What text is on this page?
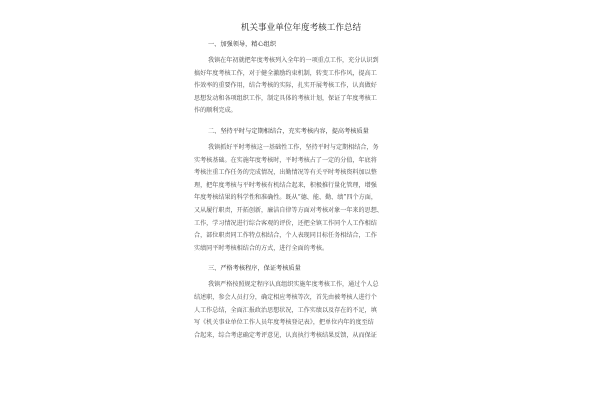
机关事业单位年度考核工作总结
一、加强领导，精心组织
我镇在年初就把年度考核列入全年的一项重点工作，充分认识到
搞好年度考核工作，对于健全激励约束机制，转变工作作风，提高工
作效率的重要作用，结合考核的实际，扎实开展考核工作，认真做好
思想发动和各项组织工作，制定具体的考核计划，保证了年度考核工
作的顺利完成。
二、坚持平时与定期相结合，充实考核内容，提高考核质量
我镇抓好平时考核这一基础性工作，坚持平时与定期相结合，务
实考核基础。在实施年度考核时，平时考核占了一定的分值，年底将
考核注重工作任务的完成情况，出勤情况等有关平时考核资料加以整
理，把年度考核与平时考核有机结合起来，积极推行量化管理，增强
年度考核结果的科学性和准确性。既从“德、能、勤、绩”四个方面，
又从履行职责，开拓创新，廉洁自律等方面对考核对象一年来的思想、
工作，学习情况进行综合客观的评价，还把全镇工作同个人工作相结
合，部位职责同工作特点相结合，个人表现同目标任务相结合，工作
实绩同平时考核相结合的方式，进行全面的考核。
三、严格考核程序，保证考核质量
我镇严格按照规定程序认真组织实施年度考核工作，通过个人总
结述职，参会人员打分，确定相应考核等次，首先由被考核人进行个
人工作总结，全面汇报政治思想状况，工作实绩以及存在的不足，填
写《机关事业单位工作人员年度考核登记表》，把单位内年的度至结
合起来，综合考虑确定考评意见，认真执行考核结果反馈，从而保证
